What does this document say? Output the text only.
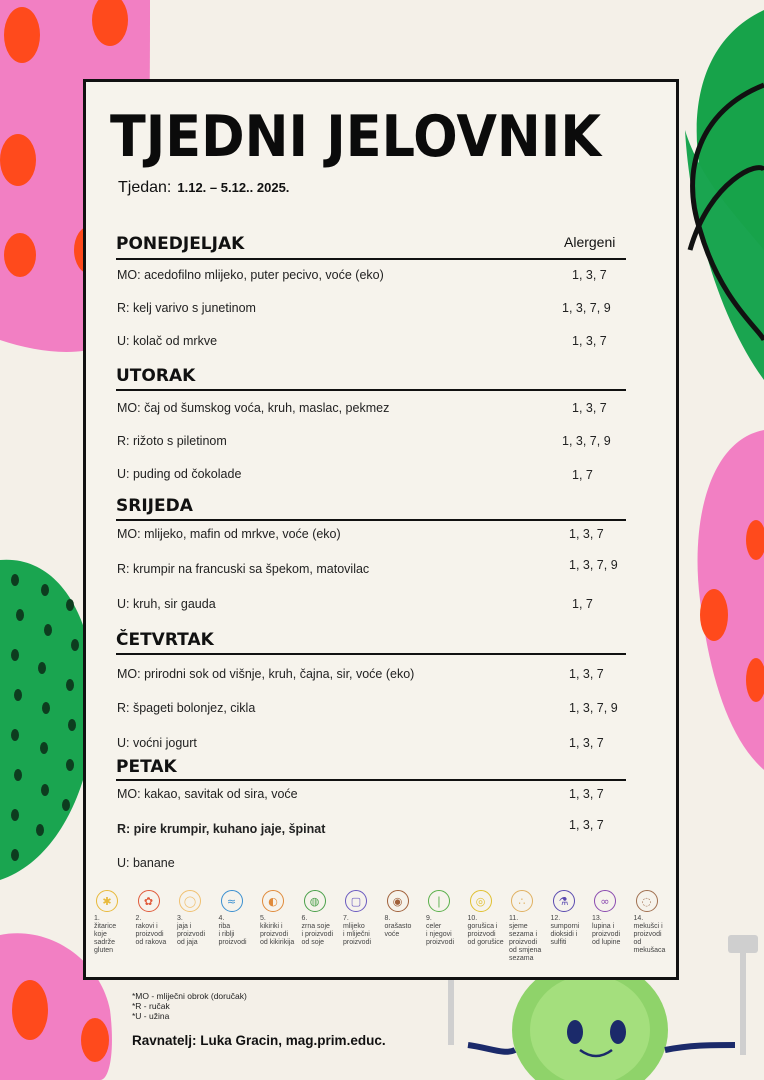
TJEDNI JELOVNIK
Tjedan: 1.12. – 5.12.. 2025.
Alergeni
PONEDJELJAK
MO: acedofilno mlijeko, puter pecivo, voće (eko)	1, 3, 7
R: kelj varivo s junetinom	1, 3, 7, 9
U: kolač od mrkve	1, 3, 7
UTORAK
MO: čaj od šumskog voća, kruh, maslac, pekmez	1, 3, 7
R: rižoto s piletinom	1, 3, 7, 9
U: puding od čokolade	1, 7
SRIJEDA
MO: mlijeko, mafin od mrkve, voće (eko)	1, 3, 7
R: krumpir na francuski sa špekom, matovilac	1, 3, 7, 9
U: kruh, sir gauda	1, 7
ČETVRTAK
MO: prirodni sok od višnje, kruh, čajna, sir, voće (eko)	1, 3, 7
R: špageti bolonjez, cikla	1, 3, 7, 9
U: voćni jogurt	1, 3, 7
PETAK
MO: kakao, savitak od sira, voće	1, 3, 7
R: pire krumpir, kuhano jaje, špinat	1, 3, 7
U: banane
✱
1.
žitarice
koje
sadrže
gluten
✿
2.
rakovi i
proizvodi
od rakova
◯
3.
jaja i
proizvodi
od jaja
≈
4.
riba
i riblji
proizvodi
◐
5.
kikiriki i
proizvodi
od kikirikija
◍
6.
zrna soje
i proizvodi
od soje
▢
7.
mlijeko
i mliječni
proizvodi
◉
8.
orašasto
voće
❘
9.
celer
i njegovi
proizvodi
◎
10.
gorušica i
proizvodi
od gorušice
∴
11.
sjeme
sezama i
proizvodi
od smjena
sezama
⚗
12.
sumporni
dioksidi i
sulfiti
∞
13.
lupina i
proizvodi
od lupine
◌
14.
mekušci i
proizvodi
od mekušaca
*MO - mliječni obrok (doručak)
*R - ručak
*U - užina
Ravnatelj: Luka Gracin, mag.prim.educ.
